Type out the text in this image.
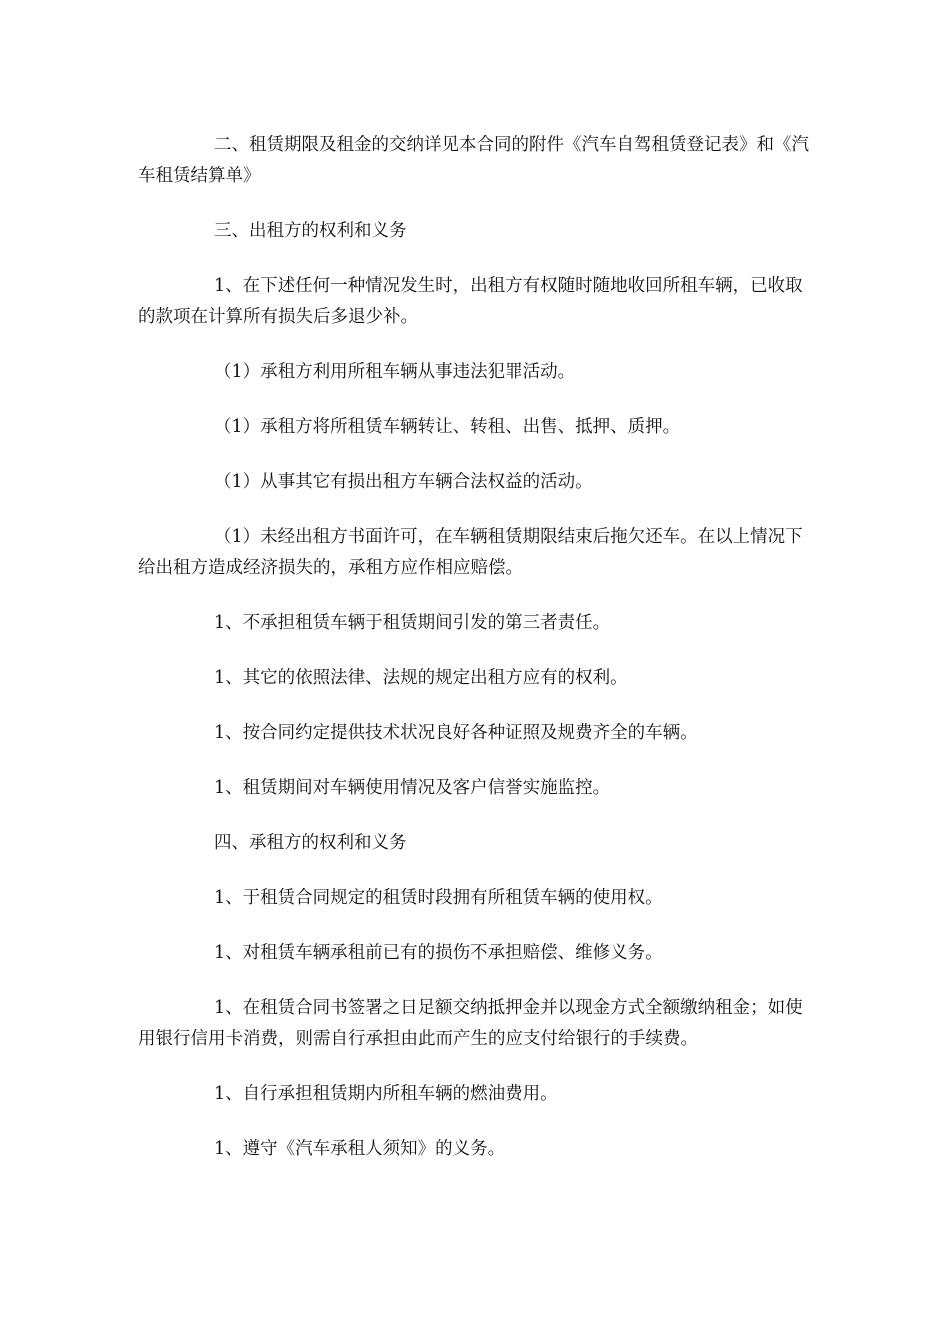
二、租赁期限及租金的交纳详见本合同的附件《汽车自驾租赁登记表》和《汽车租赁结算单》

三、出租方的权利和义务

1、在下述任何一种情况发生时，出租方有权随时随地收回所租车辆，已收取的款项在计算所有损失后多退少补。

（1）承租方利用所租车辆从事违法犯罪活动。

（1）承租方将所租赁车辆转让、转租、出售、抵押、质押。

（1）从事其它有损出租方车辆合法权益的活动。

（1）未经出租方书面许可，在车辆租赁期限结束后拖欠还车。在以上情况下给出租方造成经济损失的，承租方应作相应赔偿。

1、不承担租赁车辆于租赁期间引发的第三者责任。

1、其它的依照法律、法规的规定出租方应有的权利。

1、按合同约定提供技术状况良好各种证照及规费齐全的车辆。

1、租赁期间对车辆使用情况及客户信誉实施监控。

四、承租方的权利和义务

1、于租赁合同规定的租赁时段拥有所租赁车辆的使用权。

1、对租赁车辆承租前已有的损伤不承担赔偿、维修义务。

1、在租赁合同书签署之日足额交纳抵押金并以现金方式全额缴纳租金；如使用银行信用卡消费，则需自行承担由此而产生的应支付给银行的手续费。

1、自行承担租赁期内所租车辆的燃油费用。

1、遵守《汽车承租人须知》的义务。
